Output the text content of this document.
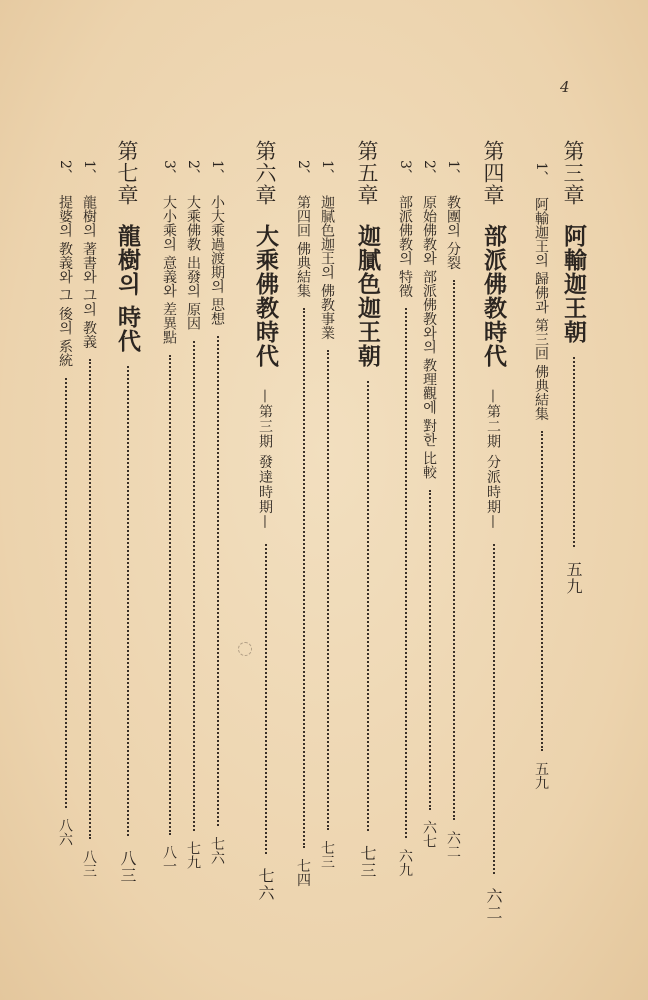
4
第三章 阿輸迦王朝  五九
1、 阿輸迦王의 歸佛과 第三回 佛典結集  五九
第四章 部派佛教時代 —第二期 分派時期—  六二
1、 教團의 分裂  六二
2、 原始佛教와 部派佛教와의 教理觀에 對한 比較  六七
3、 部派佛教의 特徵  六九
第五章 迦膩色迦王朝  七三
1、 迦膩色迦王의 佛教事業  七三
2、 第四回 佛典結集  七四
第六章 大乘佛教時代 —第三期 發達時期—  七六
1、 小大乘過渡期의 思想  七六
2、 大乘佛教 出發의 原因  七九
3、 大小乘의 意義와 差異點  八一
第七章 龍樹의 時代  八三
1、 龍樹의 著書와 그의 教義  八三
2、 提婆의 教義와 그 後의 系統  八六
